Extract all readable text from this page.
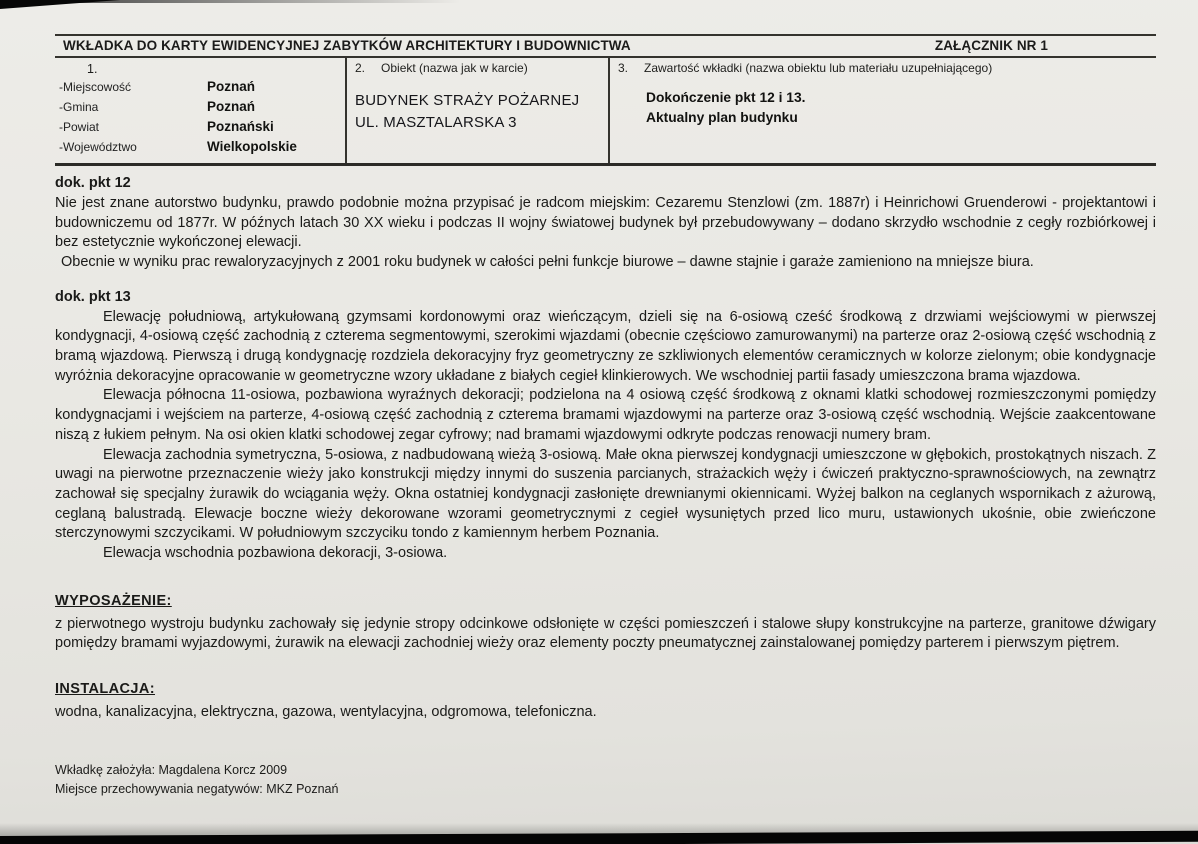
WKŁADKA DO KARTY EWIDENCYJNEJ ZABYTKÓW ARCHITEKTURY I BUDOWNICTWA	ZAŁĄCZNIK NR 1
1.
-Miejscowość	Poznań
-Gmina	Poznań
-Powiat	Poznański
-Województwo	Wielkopolskie
2. Obiekt (nazwa jak w karcie)
BUDYNEK STRAŻY POŻARNEJ
UL. MASZTALARSKA 3
3. Zawartość wkładki (nazwa obiektu lub materiału uzupełniającego)
Dokończenie pkt 12 i 13.
Aktualny plan budynku
dok. pkt 12

Nie jest znane autorstwo budynku, prawdo podobnie można przypisać je radcom miejskim: Cezaremu Stenzlowi (zm. 1887r) i Heinrichowi Gruenderowi - projektantowi i budowniczemu od 1877r. W późnych latach 30 XX wieku i podczas II wojny światowej budynek był przebudowywany – dodano skrzydło wschodnie z cegły rozbiórkowej i bez estetycznie wykończonej elewacji.

Obecnie w wyniku prac rewaloryzacyjnych z 2001 roku budynek w całości pełni funkcje biurowe – dawne stajnie i garaże zamieniono na mniejsze biura.

dok. pkt 13

Elewację południową, artykułowaną gzymsami kordonowymi oraz wieńczącym, dzieli się na 6-osiową cześć środkową z drzwiami wejściowymi w pierwszej kondygnacji, 4-osiową część zachodnią z czterema segmentowymi, szerokimi wjazdami (obecnie częściowo zamurowanymi) na parterze oraz 2-osiową część wschodnią z bramą wjazdową. Pierwszą i drugą kondygnację rozdziela dekoracyjny fryz geometryczny ze szkliwionych elementów ceramicznych w kolorze zielonym; obie kondygnacje wyróżnia dekoracyjne opracowanie w geometryczne wzory układane z białych cegieł klinkierowych. We wschodniej partii fasady umieszczona brama wjazdowa.

Elewacja północna 11-osiowa, pozbawiona wyraźnych dekoracji; podzielona na 4 osiową część środkową z oknami klatki schodowej rozmieszczonymi pomiędzy kondygnacjami i wejściem na parterze, 4-osiową część zachodnią z czterema bramami wjazdowymi na parterze oraz 3-osiową część wschodnią. Wejście zaakcentowane niszą z łukiem pełnym. Na osi okien klatki schodowej zegar cyfrowy; nad bramami wjazdowymi odkryte podczas renowacji numery bram.

Elewacja zachodnia symetryczna, 5-osiowa, z nadbudowaną wieżą 3-osiową. Małe okna pierwszej kondygnacji umieszczone w głębokich, prostokątnych niszach. Z uwagi na pierwotne przeznaczenie wieży jako konstrukcji między innymi do suszenia parcianych, strażackich węży i ćwiczeń praktyczno-sprawnościowych, na zewnątrz zachował się specjalny żurawik do wciągania węży. Okna ostatniej kondygnacji zasłonięte drewnianymi okiennicami. Wyżej balkon na ceglanych wspornikach z ażurową, ceglaną balustradą. Elewacje boczne wieży dekorowane wzorami geometrycznymi z cegieł wysuniętych przed lico muru, ustawionych ukośnie, obie zwieńczone sterczynowymi szczycikami. W południowym szczyciku tondo z kamiennym herbem Poznania.

Elewacja wschodnia pozbawiona dekoracji, 3-osiowa.

WYPOSAŻENIE:

z pierwotnego wystroju budynku zachowały się jedynie stropy odcinkowe odsłonięte w części pomieszczeń i stalowe słupy konstrukcyjne na parterze, granitowe dźwigary pomiędzy bramami wyjazdowymi, żurawik na elewacji zachodniej wieży oraz elementy poczty pneumatycznej zainstalowanej pomiędzy parterem i pierwszym piętrem.

INSTALACJA:

wodna, kanalizacyjna, elektryczna, gazowa, wentylacyjna, odgromowa, telefoniczna.

Wkładkę założyła: Magdalena Korcz 2009
Miejsce przechowywania negatywów: MKZ Poznań
